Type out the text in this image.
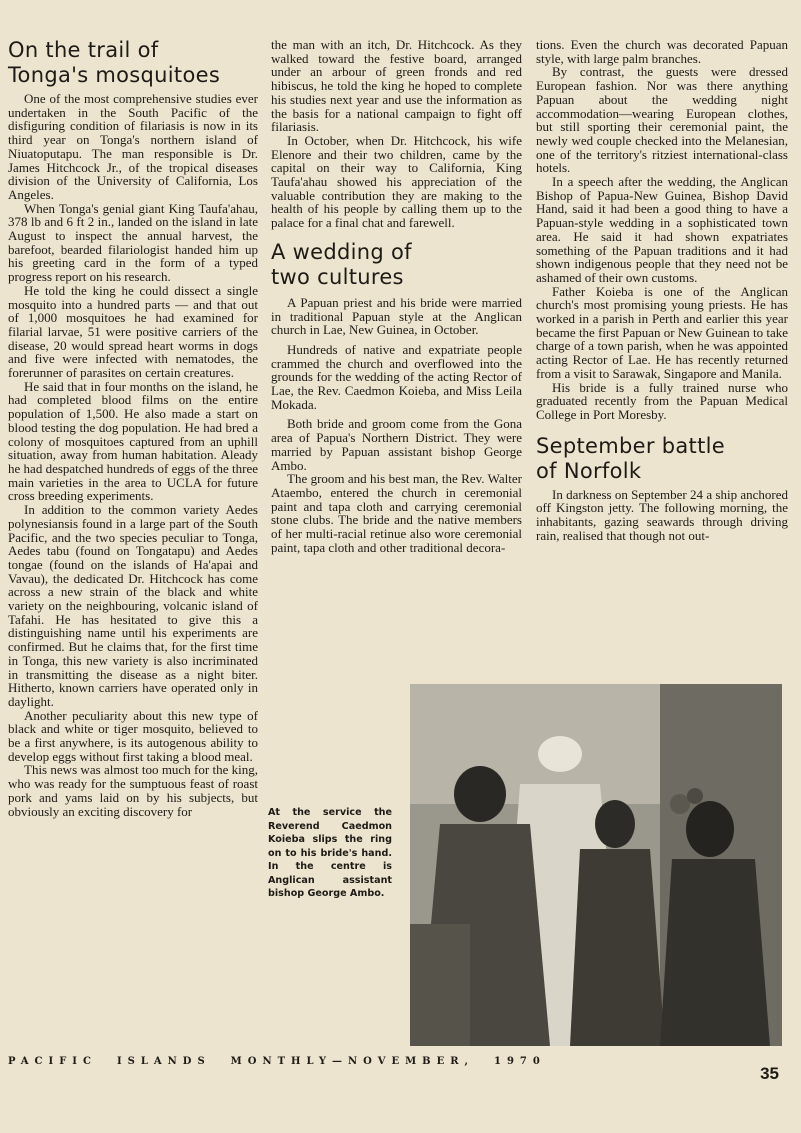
On the trail of
Tonga's mosquitoes

One of the most comprehensive studies ever undertaken in the South Pacific of the disfiguring condition of filariasis is now in its third year on Tonga's northern island of Niuatoputapu. The man responsible is Dr. James Hitchcock Jr., of the tropical diseases division of the University of California, Los Angeles.

When Tonga's genial giant King Taufa'ahau, 378 lb and 6 ft 2 in., landed on the island in late August to inspect the annual harvest, the barefoot, bearded filariologist handed him up his greeting card in the form of a typed progress report on his research.

He told the king he could dissect a single mosquito into a hundred parts — and that out of 1,000 mosquitoes he had examined for filarial larvae, 51 were positive carriers of the disease, 20 would spread heart worms in dogs and five were infected with nematodes, the forerunner of parasites on certain creatures.

He said that in four months on the island, he had completed blood films on the entire population of 1,500. He also made a start on blood testing the dog population. He had bred a colony of mosquitoes captured from an uphill situation, away from human habitation. Aleady he had despatched hundreds of eggs of the three main varieties in the area to UCLA for future cross breeding experiments.

In addition to the common variety Aedes polynesiansis found in a large part of the South Pacific, and the two species peculiar to Tonga, Aedes tabu (found on Tongatapu) and Aedes tongae (found on the islands of Ha'apai and Vavau), the dedicated Dr. Hitchcock has come across a new strain of the black and white variety on the neighbouring, volcanic island of Tafahi. He has hesitated to give this a distinguishing name until his experiments are confirmed. But he claims that, for the first time in Tonga, this new variety is also incriminated in transmitting the disease as a night biter. Hitherto, known carriers have operated only in daylight.

Another peculiarity about this new type of black and white or tiger mosquito, believed to be a first anywhere, is its autogenous ability to develop eggs without first taking a blood meal.

This news was almost too much for the king, who was ready for the sumptuous feast of roast pork and yams laid on by his subjects, but obviously an exciting discovery for

the man with an itch, Dr. Hitchcock. As they walked toward the festive board, arranged under an arbour of green fronds and red hibiscus, he told the king he hoped to complete his studies next year and use the information as the basis for a national campaign to fight off filariasis.

In October, when Dr. Hitchcock, his wife Elenore and their two children, came by the capital on their way to California, King Taufa'ahau showed his appreciation of the valuable contribution they are making to the health of his people by calling them up to the palace for a final chat and farewell.

A wedding of
two cultures

A Papuan priest and his bride were married in traditional Papuan style at the Anglican church in Lae, New Guinea, in October.

Hundreds of native and expatriate people crammed the church and overflowed into the grounds for the wedding of the acting Rector of Lae, the Rev. Caedmon Koieba, and Miss Leila Mokada.

Both bride and groom come from the Gona area of Papua's Northern District. They were married by Papuan assistant bishop George Ambo.

The groom and his best man, the Rev. Walter Ataembo, entered the church in ceremonial paint and tapa cloth and carrying ceremonial stone clubs. The bride and the native members of her multi-racial retinue also wore ceremonial paint, tapa cloth and other traditional decora-

tions. Even the church was decorated Papuan style, with large palm branches.

By contrast, the guests were dressed European fashion. Nor was there anything Papuan about the wedding night accommodation—wearing European clothes, but still sporting their ceremonial paint, the newly wed couple checked into the Melanesian, one of the territory's ritziest international-class hotels.

In a speech after the wedding, the Anglican Bishop of Papua-New Guinea, Bishop David Hand, said it had been a good thing to have a Papuan-style wedding in a sophisticated town area. He said it had shown expatriates something of the Papuan traditions and it had shown indigenous people that they need not be ashamed of their own customs.

Father Koieba is one of the Anglican church's most promising young priests. He has worked in a parish in Perth and earlier this year became the first Papuan or New Guinean to take charge of a town parish, when he was appointed acting Rector of Lae. He has recently returned from a visit to Sarawak, Singapore and Manila.

His bride is a fully trained nurse who graduated recently from the Papuan Medical College in Port Moresby.

September battle
of Norfolk

In darkness on September 24 a ship anchored off Kingston jetty. The following morning, the inhabitants, gazing seawards through driving rain, realised that though not out-

At the service the Reverend Caedmon Koieba slips the ring on to his bride's hand. In the centre is Anglican assistant bishop George Ambo.
PACIFIC ISLANDS MONTHLY—NOVEMBER, 1970
35
